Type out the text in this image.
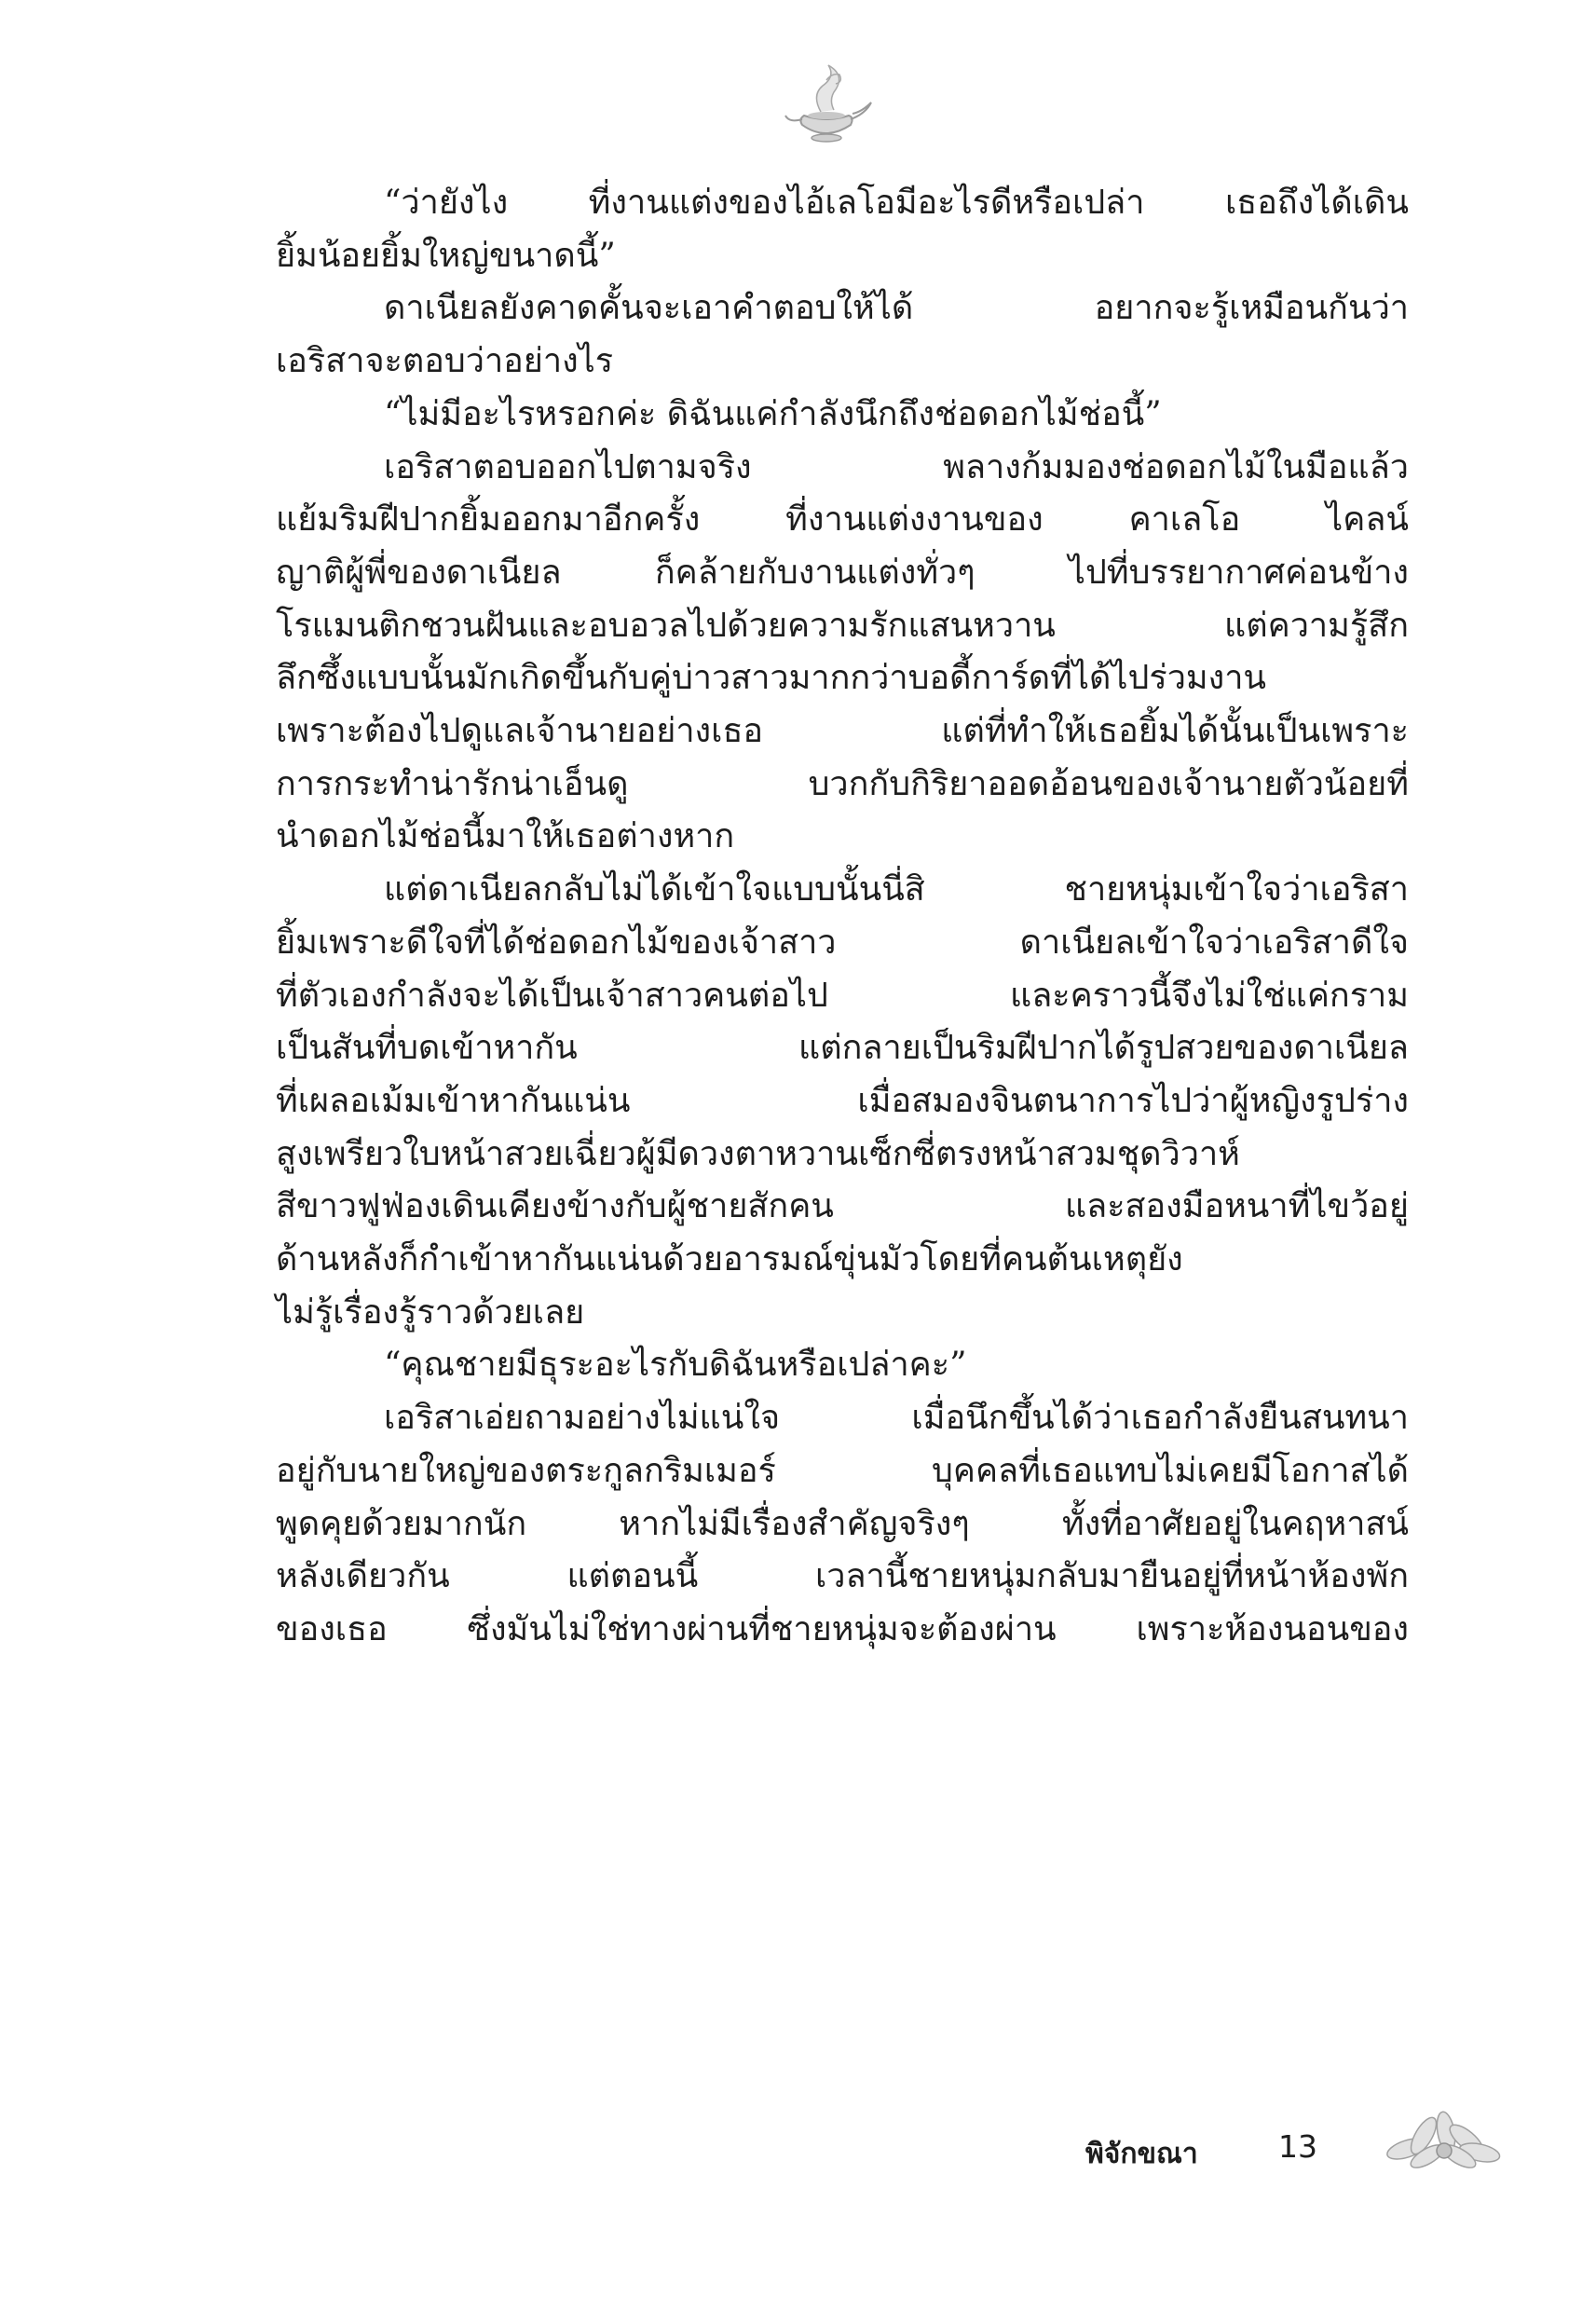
“ว่ายังไง ที่งานแต่งของไอ้เลโอมีอะไรดีหรือเปล่า เธอถึงได้เดิน
ยิ้มน้อยยิ้มใหญ่ขนาดนี้”
ดาเนียลยังคาดคั้นจะเอาคำตอบให้ได้ อยากจะรู้เหมือนกันว่า
เอริสาจะตอบว่าอย่างไร
“ไม่มีอะไรหรอกค่ะ ดิฉันแค่กำลังนึกถึงช่อดอกไม้ช่อนี้”
เอริสาตอบออกไปตามจริง พลางก้มมองช่อดอกไม้ในมือแล้ว
แย้มริมฝีปากยิ้มออกมาอีกครั้ง ที่งานแต่งงานของ คาเลโอ ไคลน์
ญาติผู้พี่ของดาเนียล ก็คล้ายกับงานแต่งทั่วๆ ไปที่บรรยากาศค่อนข้าง
โรแมนติกชวนฝันและอบอวลไปด้วยความรักแสนหวาน แต่ความรู้สึก
ลึกซึ้งแบบนั้นมักเกิดขึ้นกับคู่บ่าวสาวมากกว่าบอดี้การ์ดที่ได้ไปร่วมงาน
เพราะต้องไปดูแลเจ้านายอย่างเธอ แต่ที่ทำให้เธอยิ้มได้นั้นเป็นเพราะ
การกระทำน่ารักน่าเอ็นดู บวกกับกิริยาออดอ้อนของเจ้านายตัวน้อยที่
นำดอกไม้ช่อนี้มาให้เธอต่างหาก
แต่ดาเนียลกลับไม่ได้เข้าใจแบบนั้นนี่สิ ชายหนุ่มเข้าใจว่าเอริสา
ยิ้มเพราะดีใจที่ได้ช่อดอกไม้ของเจ้าสาว ดาเนียลเข้าใจว่าเอริสาดีใจ
ที่ตัวเองกำลังจะได้เป็นเจ้าสาวคนต่อไป และคราวนี้จึงไม่ใช่แค่กราม
เป็นสันที่บดเข้าหากัน แต่กลายเป็นริมฝีปากได้รูปสวยของดาเนียล
ที่เผลอเม้มเข้าหากันแน่น เมื่อสมองจินตนาการไปว่าผู้หญิงรูปร่าง
สูงเพรียวใบหน้าสวยเฉี่ยวผู้มีดวงตาหวานเซ็กซี่ตรงหน้าสวมชุดวิวาห์
สีขาวฟูฟ่องเดินเคียงข้างกับผู้ชายสักคน และสองมือหนาที่ไขว้อยู่
ด้านหลังก็กำเข้าหากันแน่นด้วยอารมณ์ขุ่นมัวโดยที่คนต้นเหตุยัง
ไม่รู้เรื่องรู้ราวด้วยเลย
“คุณชายมีธุระอะไรกับดิฉันหรือเปล่าคะ”
เอริสาเอ่ยถามอย่างไม่แน่ใจ เมื่อนึกขึ้นได้ว่าเธอกำลังยืนสนทนา
อยู่กับนายใหญ่ของตระกูลกริมเมอร์ บุคคลที่เธอแทบไม่เคยมีโอกาสได้
พูดคุยด้วยมากนัก หากไม่มีเรื่องสำคัญจริงๆ ทั้งที่อาศัยอยู่ในคฤหาสน์
หลังเดียวกัน แต่ตอนนี้ เวลานี้ชายหนุ่มกลับมายืนอยู่ที่หน้าห้องพัก
ของเธอ ซึ่งมันไม่ใช่ทางผ่านที่ชายหนุ่มจะต้องผ่าน เพราะห้องนอนของ
พิจักขณา	13
